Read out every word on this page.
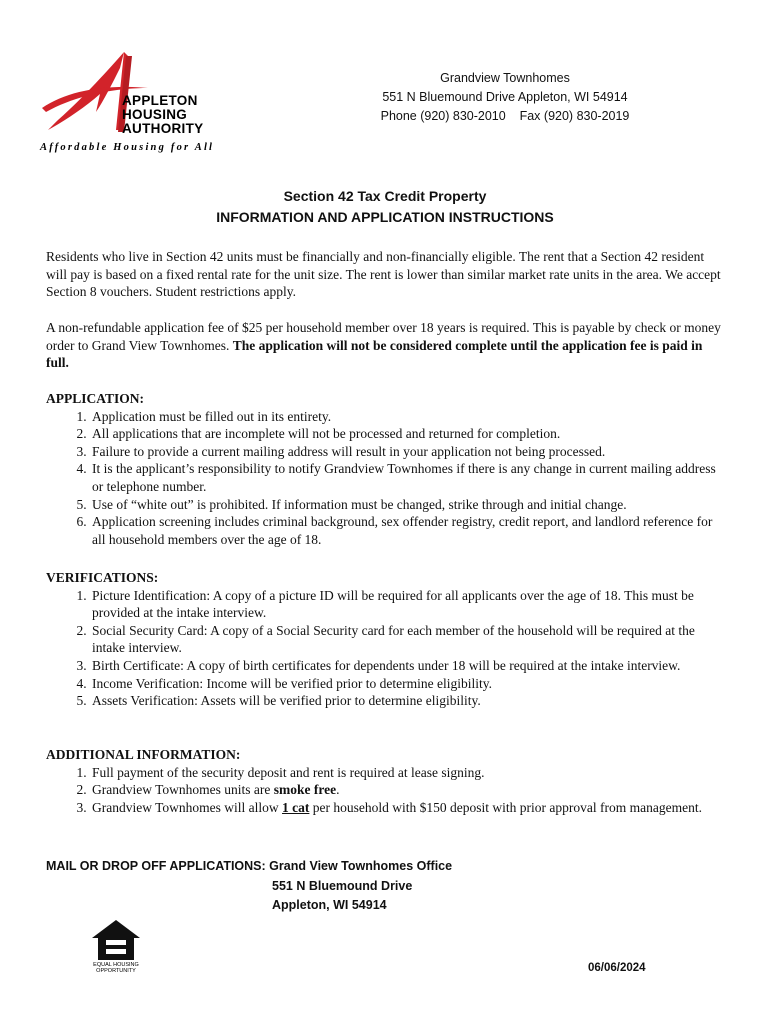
APPLETON
HOUSING
AUTHORITY
Affordable Housing for All
Grandview Townhomes
551 N Bluemound Drive Appleton, WI 54914
Phone (920) 830-2010    Fax (920) 830-2019
Section 42 Tax Credit Property
INFORMATION AND APPLICATION INSTRUCTIONS

Residents who live in Section 42 units must be financially and non-financially eligible. The rent that a Section 42 resident will pay is based on a fixed rental rate for the unit size. The rent is lower than similar market rate units in the area. We accept Section 8 vouchers. Student restrictions apply.

A non-refundable application fee of $25 per household member over 18 years is required. This is payable by check or money order to Grand View Townhomes. The application will not be considered complete until the application fee is paid in full.

APPLICATION:

1. Application must be filled out in its entirety.
2. All applications that are incomplete will not be processed and returned for completion.
3. Failure to provide a current mailing address will result in your application not being processed.
4. It is the applicant’s responsibility to notify Grandview Townhomes if there is any change in current mailing address or telephone number.
5. Use of “white out” is prohibited. If information must be changed, strike through and initial change.
6. Application screening includes criminal background, sex offender registry, credit report, and landlord reference for all household members over the age of 18.

VERIFICATIONS:

1. Picture Identification: A copy of a picture ID will be required for all applicants over the age of 18. This must be provided at the intake interview.
2. Social Security Card: A copy of a Social Security card for each member of the household will be required at the intake interview.
3. Birth Certificate: A copy of birth certificates for dependents under 18 will be required at the intake interview.
4. Income Verification: Income will be verified prior to determine eligibility.
5. Assets Verification: Assets will be verified prior to determine eligibility.

ADDITIONAL INFORMATION:

1. Full payment of the security deposit and rent is required at lease signing.
2. Grandview Townhomes units are smoke free.
3. Grandview Townhomes will allow 1 cat per household with $150 deposit with prior approval from management.
MAIL OR DROP OFF APPLICATIONS: Grand View Townhomes Office
551 N Bluemound Drive
Appleton, WI 54914
EQUAL HOUSING
OPPORTUNITY	06/06/2024
